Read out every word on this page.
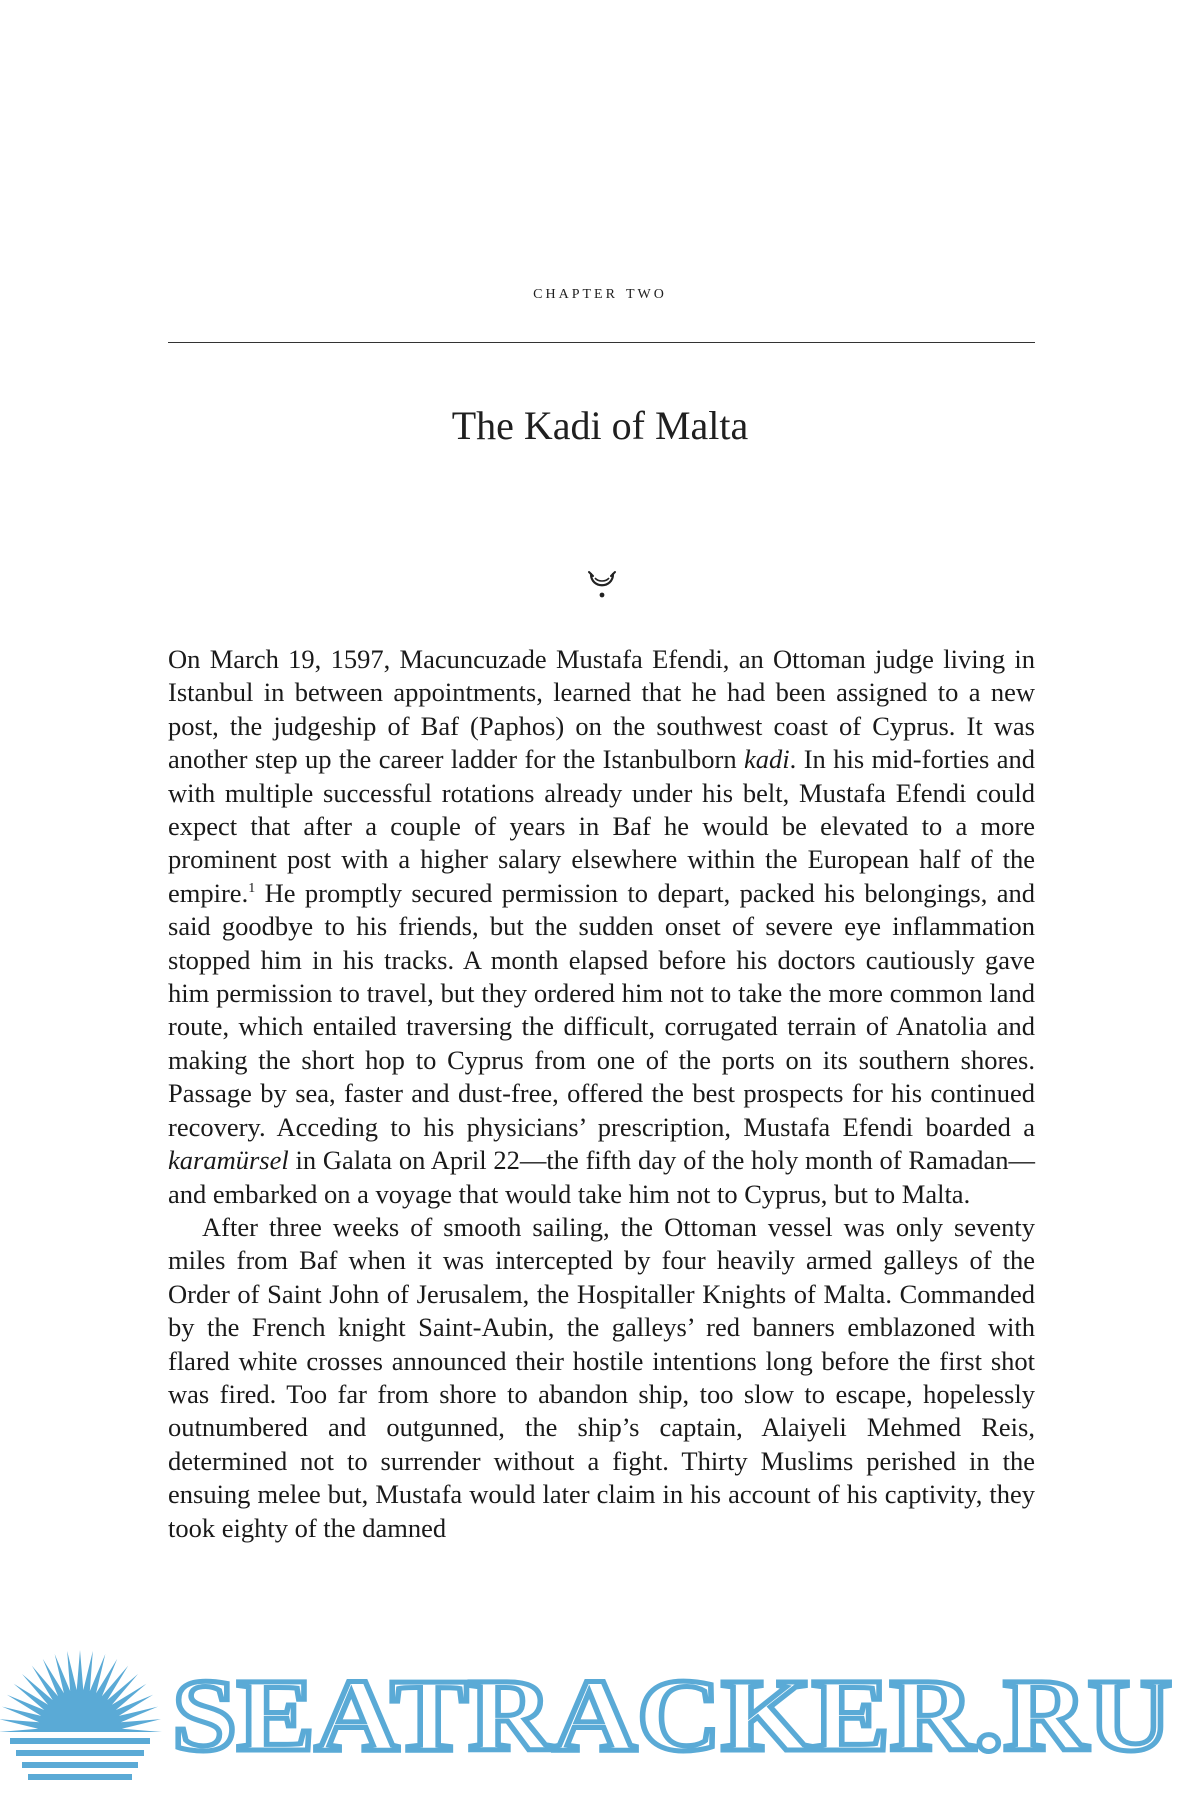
chapter two
The Kadi of Malta

On March 19, 1597, Macuncuzade Mustafa Efendi, an Ottoman judge living in Istanbul in between appointments, learned that he had been assigned to a new post, the judgeship of Baf (Paphos) on the southwest coast of Cyprus. It was another step up the career ladder for the Istanbulborn kadi. In his mid-forties and with multiple successful rotations already under his belt, Mustafa Efendi could expect that after a couple of years in Baf he would be elevated to a more prominent post with a higher salary elsewhere within the European half of the empire.$^1$ He promptly secured permission to depart, packed his belongings, and said goodbye to his friends, but the sudden onset of severe eye inflammation stopped him in his tracks. A month elapsed before his doctors cautiously gave him permission to travel, but they ordered him not to take the more common land route, which entailed traversing the difficult, corrugated terrain of Anatolia and making the short hop to Cyprus from one of the ports on its southern shores. Passage by sea, faster and dust-free, offered the best prospects for his continued recovery. Acceding to his physicians’ prescription, Mustafa Efendi boarded a karamürsel in Galata on April 22—the fifth day of the holy month of Ramadan—and embarked on a voyage that would take him not to Cyprus, but to Malta.

After three weeks of smooth sailing, the Ottoman vessel was only seventy miles from Baf when it was intercepted by four heavily armed galleys of the Order of Saint John of Jerusalem, the Hospitaller Knights of Malta. Commanded by the French knight Saint-Aubin, the galleys’ red banners emblazoned with flared white crosses announced their hostile intentions long before the first shot was fired. Too far from shore to abandon ship, too slow to escape, hopelessly outnumbered and outgunned, the ship’s captain, Alaiyeli Mehmed Reis, determined not to surrender without a fight. Thirty Muslims perished in the ensuing melee but, Mustafa would later claim in his account of his captivity, they took eighty of the damned

SEATRACKER.RU
